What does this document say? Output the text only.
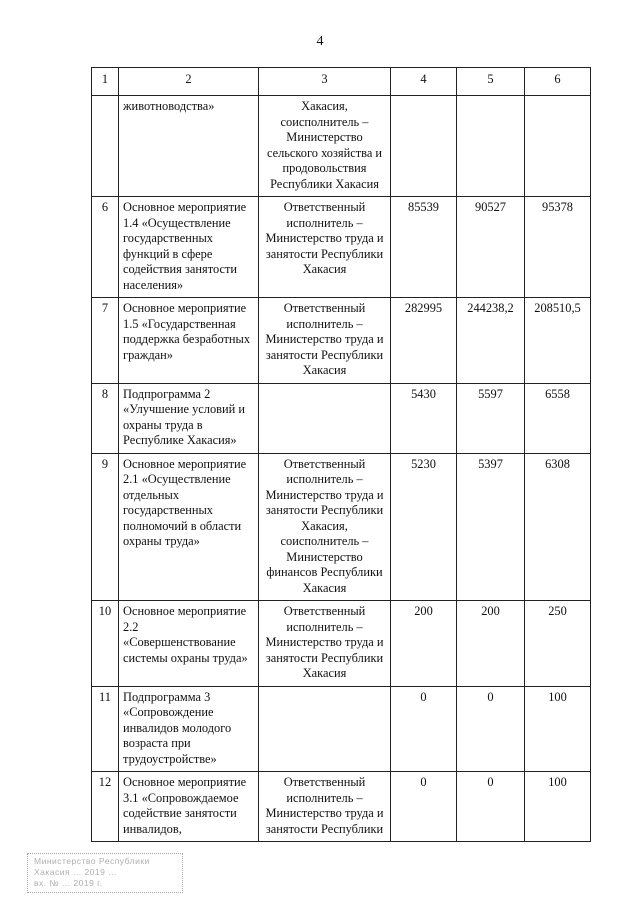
4
1	2	3	4	5	6
	животноводства»	Хакасия, соисполнитель – Министерство сельского хозяйства и продовольствия Республики Хакасия			
6	Основное мероприятие 1.4 «Осуществление государственных функций в сфере содействия занятости населения»	Ответственный исполнитель – Министерство труда и занятости Республики Хакасия	85539	90527	95378
7	Основное мероприятие 1.5 «Государственная поддержка безработных граждан»	Ответственный исполнитель – Министерство труда и занятости Республики Хакасия	282995	244238,2	208510,5
8	Подпрограмма 2 «Улучшение условий и охраны труда в Республике Хакасия»		5430	5597	6558
9	Основное мероприятие 2.1 «Осуществление отдельных государственных полномочий в области охраны труда»	Ответственный исполнитель – Министерство труда и занятости Республики Хакасия, соисполнитель – Министерство финансов Республики Хакасия	5230	5397	6308
10	Основное мероприятие 2.2 «Совершенствование системы охраны труда»	Ответственный исполнитель – Министерство труда и занятости Республики Хакасия	200	200	250
11	Подпрограмма 3 «Сопровождение инвалидов молодого возраста при трудоустройстве»		0	0	100
12	Основное мероприятие 3.1 «Сопровождаемое содействие занятости инвалидов,	Ответственный исполнитель – Министерство труда и занятости Республики	0	0	100
Министерство Республики
Хакасия ... 2019 ...
вх. № ... 2019 г.
